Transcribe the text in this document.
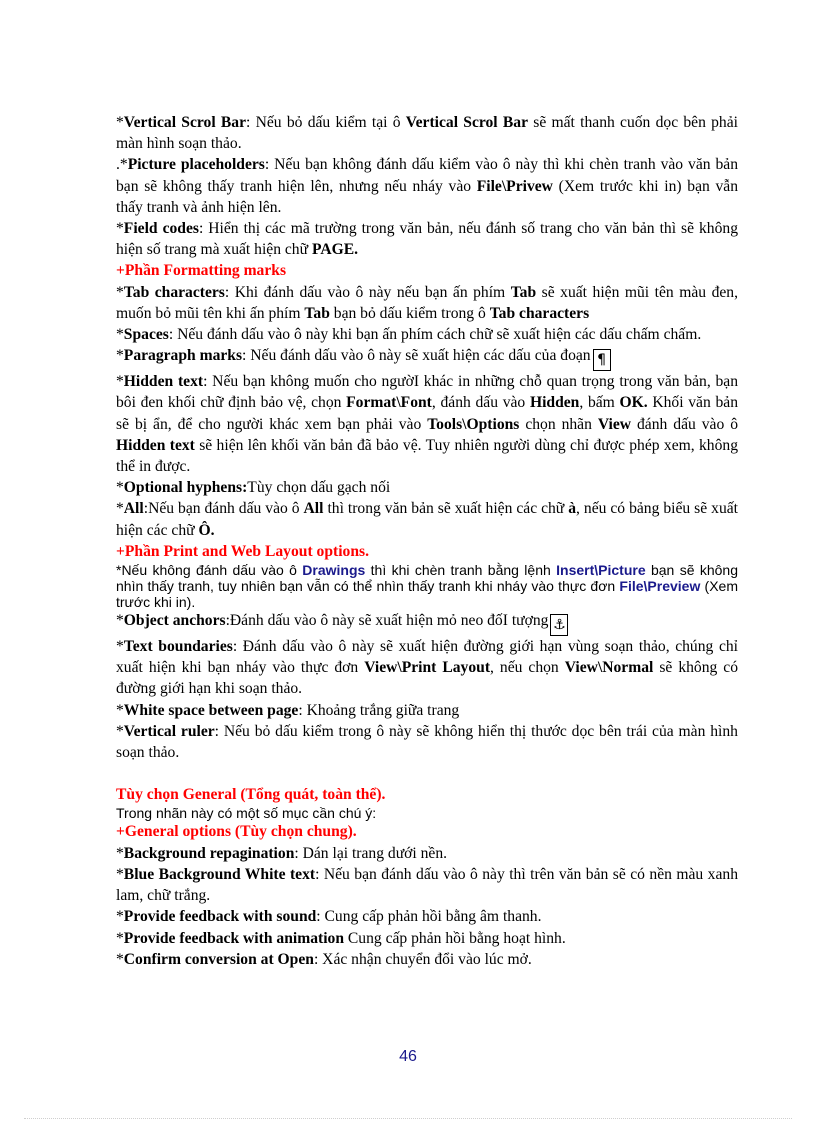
*Vertical Scrol Bar: Nếu bỏ dấu kiểm tại ô Vertical Scrol Bar sẽ mất thanh cuốn dọc bên phải màn hình soạn thảo.

.*Picture placeholders: Nếu bạn không đánh dấu kiểm vào ô này thì khi chèn tranh vào văn bản bạn sẽ không thấy tranh hiện lên, nhưng nếu nháy vào File\Privew (Xem trước khi in) bạn vẫn thấy tranh và ảnh hiện lên.

*Field codes: Hiển thị các mã trường trong văn bản, nếu đánh số trang cho văn bản thì sẽ không hiện số trang mà xuất hiện chữ PAGE.

+Phần Formatting marks

*Tab characters: Khi đánh dấu vào ô này nếu bạn ấn phím Tab sẽ xuất hiện mũi tên màu đen, muốn bỏ mũi tên khi ấn phím Tab bạn bỏ dấu kiểm trong ô Tab characters

*Spaces: Nếu đánh dấu vào ô này khi bạn ấn phím cách chữ sẽ xuất hiện các dấu chấm chấm.

*Paragraph marks: Nếu đánh dấu vào ô này sẽ xuất hiện các dấu của đoạn ¶

*Hidden text: Nếu bạn không muốn cho ngườI khác in những chỗ quan trọng trong văn bản, bạn bôi đen khối chữ định bảo vệ, chọn Format\Font, đánh dấu vào Hidden, bấm OK. Khối văn bản sẽ bị ẩn, để cho người khác xem bạn phải vào Tools\Options chọn nhãn View đánh dấu vào ô Hidden text sẽ hiện lên khối văn bản đã bảo vệ. Tuy nhiên người dùng chỉ được phép xem, không thể in được.

*Optional hyphens:Tùy chọn dấu gạch nối

*All:Nếu bạn đánh dấu vào ô All thì trong văn bản sẽ xuất hiện các chữ à, nếu có bảng biểu sẽ xuất hiện các chữ Ô.

+Phần Print and Web Layout options.

*Nếu không đánh dấu vào ô Drawings thì khi chèn tranh bằng lệnh Insert\Picture bạn sẽ không nhìn thấy tranh, tuy nhiên bạn vẫn có thể nhìn thấy tranh khi nháy vào thực đơn File\Preview (Xem trước khi in).

*Object anchors:Đánh dấu vào ô này sẽ xuất hiện mỏ neo đốI tượng ⚓

*Text boundaries: Đánh dấu vào ô này sẽ xuất hiện đường giới hạn vùng soạn thảo, chúng chỉ xuất hiện khi bạn nháy vào thực đơn View\Print Layout, nếu chọn View\Normal sẽ không có đường giới hạn khi soạn thảo.

*White space between page: Khoảng trắng giữa trang

*Vertical ruler: Nếu bỏ dấu kiểm trong ô này sẽ không hiển thị thước dọc bên trái của màn hình soạn thảo.

Tùy chọn General (Tổng quát, toàn thể).

Trong nhãn này có một số mục cần chú ý:

+General options (Tùy chọn chung).

*Background repagination: Dán lại trang dưới nền.

*Blue Background White text: Nếu bạn đánh dấu vào ô này thì trên văn bản sẽ có nền màu xanh lam, chữ trắng.

*Provide feedback with sound: Cung cấp phản hồi bằng âm thanh.

*Provide feedback with animation Cung cấp phản hồi bằng hoạt hình.

*Confirm conversion at Open: Xác nhận chuyển đổi vào lúc mở.

46
